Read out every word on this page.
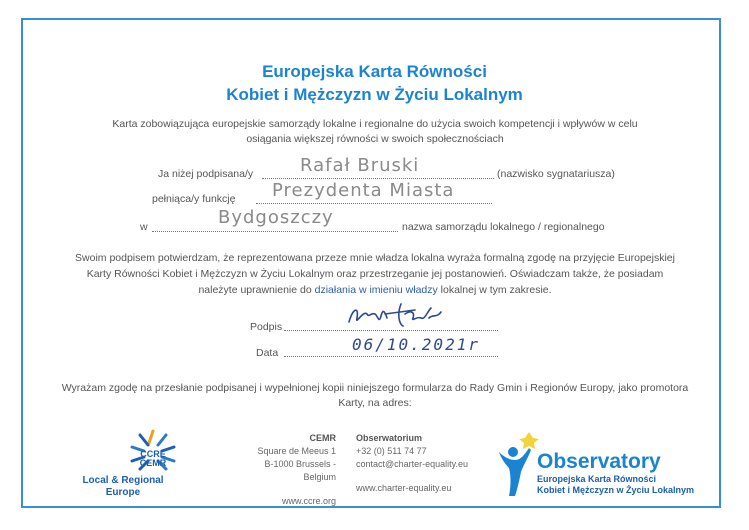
Europejska Karta Równości
Kobiet i Mężczyzn w Życiu Lokalnym
Karta zobowiązująca europejskie samorządy lokalne i regionalne do użycia swoich kompetencji i wpływów w celu osiągania większej równości w swoich społecznościach
Ja niżej podpisana/y	Rafał Bruski	(nazwisko sygnatariusza)
pełniąca/y funkcję Prezydenta Miasta
w	Bydgoszczy	nazwa samorządu lokalnego / regionalnego
Swoim podpisem potwierdzam, że reprezentowana przeze mnie władza lokalna wyraża formalną zgodę na przyjęcie Europejskiej Karty Równości Kobiet i Mężczyzn w Życiu Lokalnym oraz przestrzeganie jej postanowień. Oświadczam także, że posiadam należyte uprawnienie do działania w imieniu władzy lokalnej w tym zakresie.
Podpis
Data	06/10.2021r
Wyrażam zgodę na przesłanie podpisanej i wypełnionej kopii niniejszego formularza do Rady Gmin i Regionów Europy, jako promotora Karty, na adres:
CCRE
CEMR
Local & Regional
Europe
CEMR
Square de Meeus 1
B-1000 Brussels - Belgium
www.ccre.org
Obserwatorium
+32 (0) 511 74 77
contact@charter-equality.eu
www.charter-equality.eu
Observatory
Europejska Karta Równości
Kobiet i Mężczyzn w Życiu Lokalnym
